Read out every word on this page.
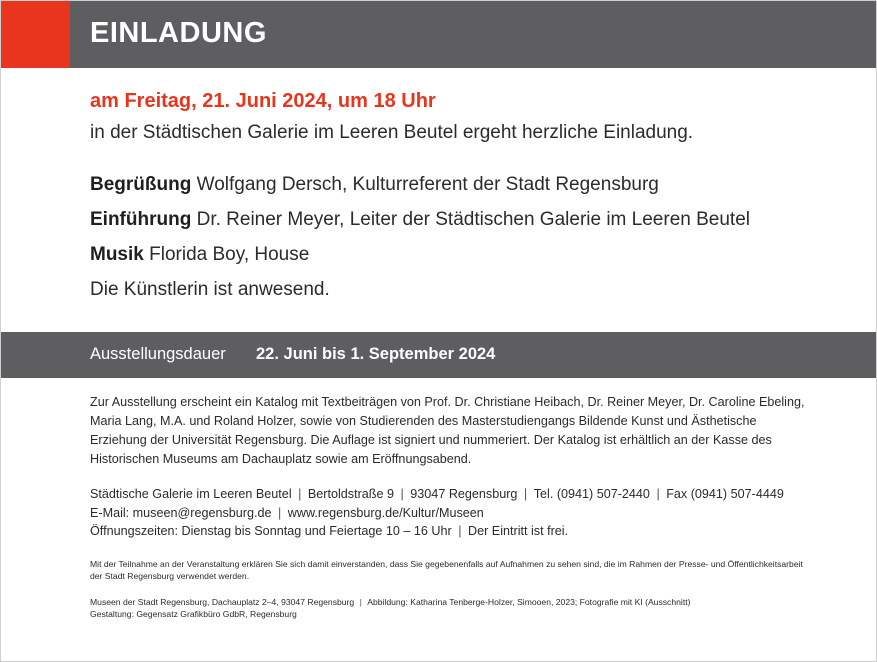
EINLADUNG
am Freitag, 21. Juni 2024, um 18 Uhr
in der Städtischen Galerie im Leeren Beutel ergeht herzliche Einladung.
Begrüßung Wolfgang Dersch, Kulturreferent der Stadt Regensburg
Einführung Dr. Reiner Meyer, Leiter der Städtischen Galerie im Leeren Beutel
Musik Florida Boy, House
Die Künstlerin ist anwesend.
Ausstellungsdauer 22. Juni bis 1. September 2024
Zur Ausstellung erscheint ein Katalog mit Textbeiträgen von Prof. Dr. Christiane Heibach, Dr. Reiner Meyer, Dr. Caroline Ebeling, Maria Lang, M.A. und Roland Holzer, sowie von Studierenden des Masterstudiengangs Bildende Kunst und Ästhetische Erziehung der Universität Regensburg. Die Auflage ist signiert und nummeriert. Der Katalog ist erhältlich an der Kasse des Historischen Museums am Dachauplatz sowie am Eröffnungsabend.
Städtische Galerie im Leeren Beutel | Bertoldstraße 9 | 93047 Regensburg | Tel. (0941) 507-2440 | Fax (0941) 507-4449
E-Mail: museen@regensburg.de | www.regensburg.de/Kultur/Museen
Öffnungszeiten: Dienstag bis Sonntag und Feiertage 10 – 16 Uhr | Der Eintritt ist frei.
Mit der Teilnahme an der Veranstaltung erklären Sie sich damit einverstanden, dass Sie gegebenenfalls auf Aufnahmen zu sehen sind, die im Rahmen der Presse- und Öffentlichkeitsarbeit der Stadt Regensburg verwendet werden.
Museen der Stadt Regensburg, Dachauplatz 2–4, 93047 Regensburg | Abbildung: Katharina Tenberge-Holzer, Simooen, 2023; Fotografie mit KI (Ausschnitt)
Gestaltung: Gegensatz Grafikbüro GdbR, Regensburg
